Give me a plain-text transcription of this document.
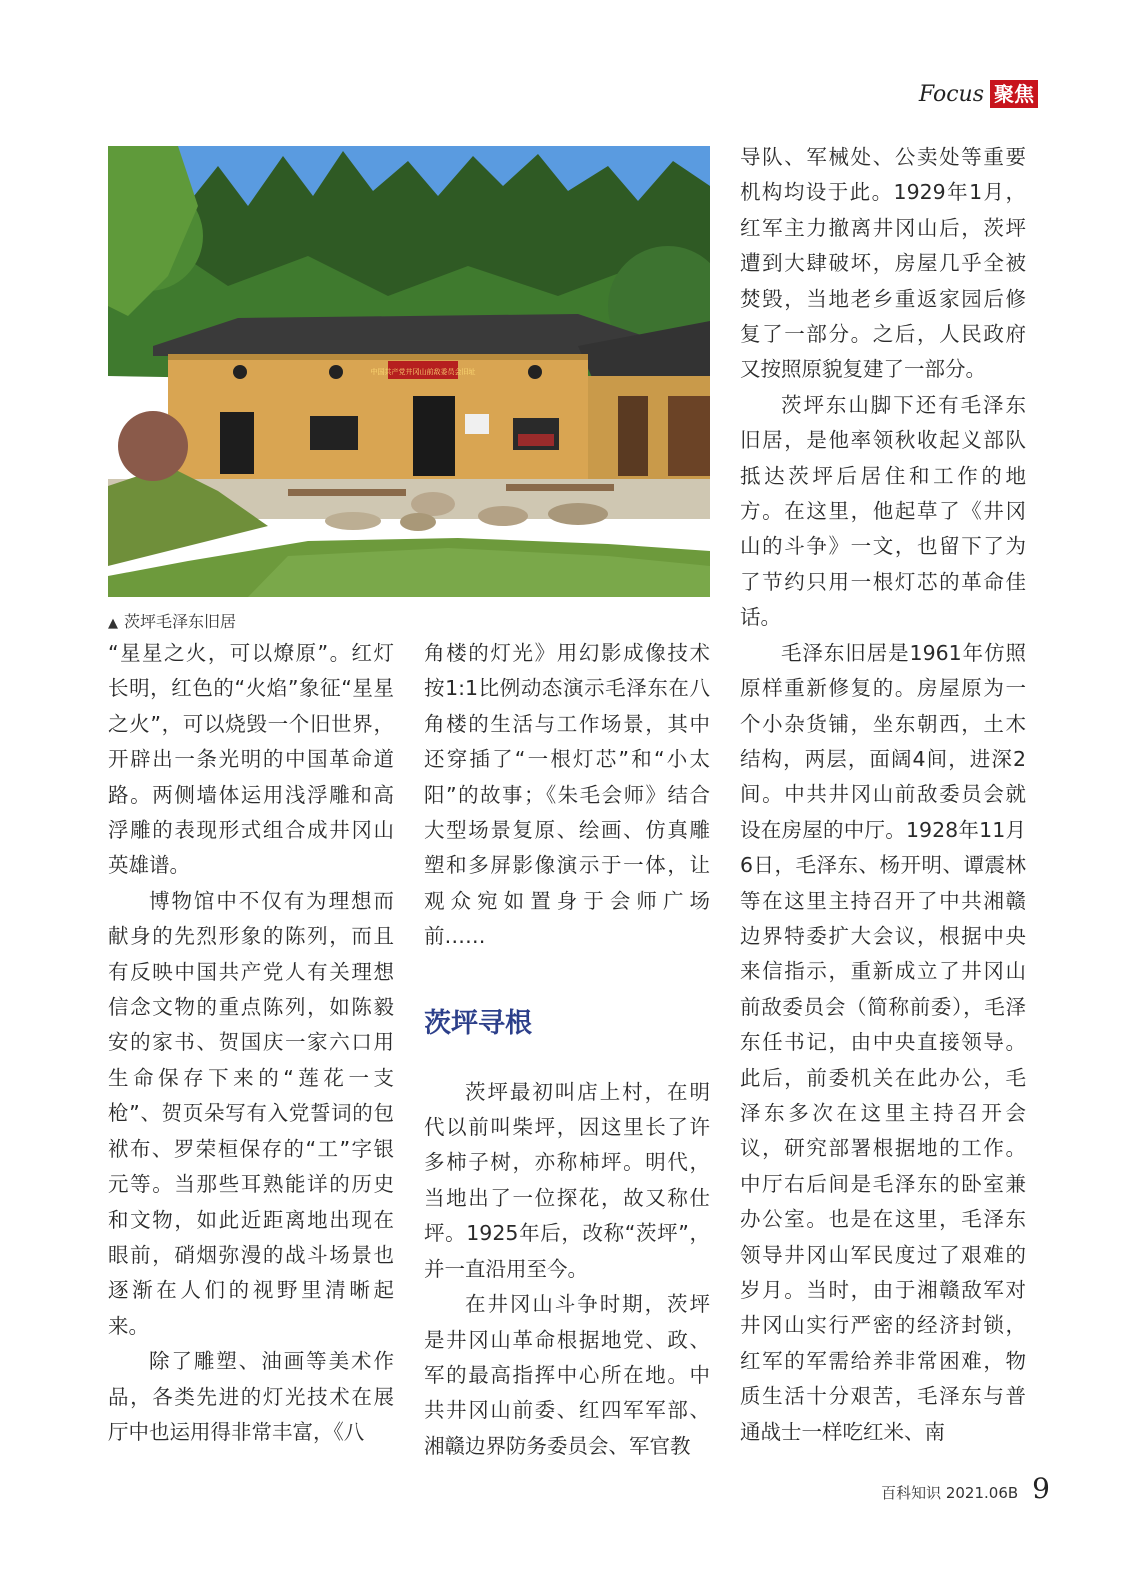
Focus 聚焦
中国共产党井冈山前敌委员会旧址
▲ 茨坪毛泽东旧居

“星星之火，可以燎原”。红灯长明，红色的“火焰”象征“星星之火”，可以烧毁一个旧世界，开辟出一条光明的中国革命道路。两侧墙体运用浅浮雕和高浮雕的表现形式组合成井冈山英雄谱。

博物馆中不仅有为理想而献身的先烈形象的陈列，而且有反映中国共产党人有关理想信念文物的重点陈列，如陈毅安的家书、贺国庆一家六口用生命保存下来的“莲花一支枪”、贺页朵写有入党誓词的包袱布、罗荣桓保存的“工”字银元等。当那些耳熟能详的历史和文物，如此近距离地出现在眼前，硝烟弥漫的战斗场景也逐渐在人们的视野里清晰起来。

除了雕塑、油画等美术作品，各类先进的灯光技术在展厅中也运用得非常丰富，《八

角楼的灯光》用幻影成像技术按1:1比例动态演示毛泽东在八角楼的生活与工作场景，其中还穿插了“一根灯芯”和“小太阳”的故事；《朱毛会师》结合大型场景复原、绘画、仿真雕塑和多屏影像演示于一体，让观众宛如置身于会师广场前……

茨坪寻根

茨坪最初叫店上村，在明代以前叫柴坪，因这里长了许多柿子树，亦称柿坪。明代，当地出了一位探花，故又称仕坪。1925年后，改称“茨坪”，并一直沿用至今。

在井冈山斗争时期，茨坪是井冈山革命根据地党、政、军的最高指挥中心所在地。中共井冈山前委、红四军军部、湘赣边界防务委员会、军官教

导队、军械处、公卖处等重要机构均设于此。1929年1月，红军主力撤离井冈山后，茨坪遭到大肆破坏，房屋几乎全被焚毁，当地老乡重返家园后修复了一部分。之后，人民政府又按照原貌复建了一部分。

茨坪东山脚下还有毛泽东旧居，是他率领秋收起义部队抵达茨坪后居住和工作的地方。在这里，他起草了《井冈山的斗争》一文，也留下了为了节约只用一根灯芯的革命佳话。

毛泽东旧居是1961年仿照原样重新修复的。房屋原为一个小杂货铺，坐东朝西，土木结构，两层，面阔4间，进深2间。中共井冈山前敌委员会就设在房屋的中厅。1928年11月6日，毛泽东、杨开明、谭震林等在这里主持召开了中共湘赣边界特委扩大会议，根据中央来信指示，重新成立了井冈山前敌委员会（简称前委），毛泽东任书记，由中央直接领导。此后，前委机关在此办公，毛泽东多次在这里主持召开会议，研究部署根据地的工作。中厅右后间是毛泽东的卧室兼办公室。也是在这里，毛泽东领导井冈山军民度过了艰难的岁月。当时，由于湘赣敌军对井冈山实行严密的经济封锁，红军的军需给养非常困难，物质生活十分艰苦，毛泽东与普通战士一样吃红米、南

百科知识 2021.06B 9
